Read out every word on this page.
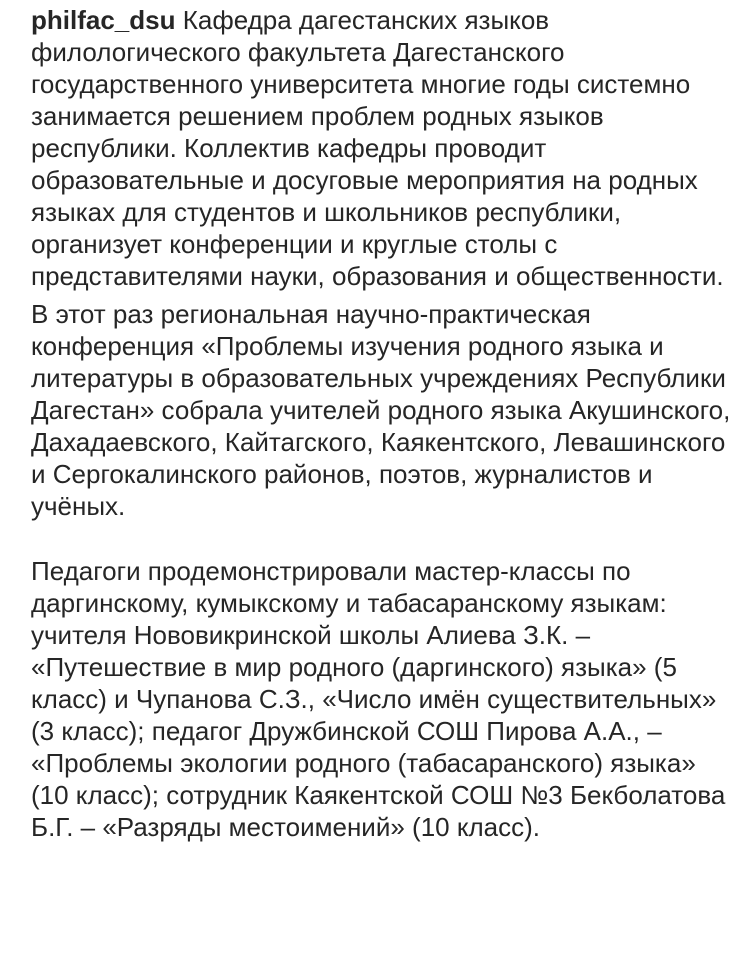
philfac_dsu Кафедра дагестанских языков филологического факультета Дагестанского государственного университета многие годы системно занимается решением проблем родных языков республики. Коллектив кафедры проводит образовательные и досуговые мероприятия на родных языках для студентов и школьников республики, организует конференции и круглые столы с представителями науки, образования и общественности.

В этот раз региональная научно-практическая конференция «Проблемы изучения родного языка и литературы в образовательных учреждениях Республики Дагестан» собрала учителей родного языка Акушинского, Дахадаевского, Кайтагского, Каякентского, Левашинского и Сергокалинского районов, поэтов, журналистов и учёных.

Педагоги продемонстрировали мастер-классы по даргинскому, кумыкскому и табасаранскому языкам: учителя Нововикринской школы Алиева З.К. – «Путешествие в мир родного (даргинского) языка» (5 класс) и Чупанова С.З., «Число имён существительных» (3 класс); педагог Дружбинской СОШ Пирова А.А., – «Проблемы экологии родного (табасаранского) языка» (10 класс); сотрудник Каякентской СОШ №3 Бекболатова Б.Г. – «Разряды местоимений» (10 класс).
